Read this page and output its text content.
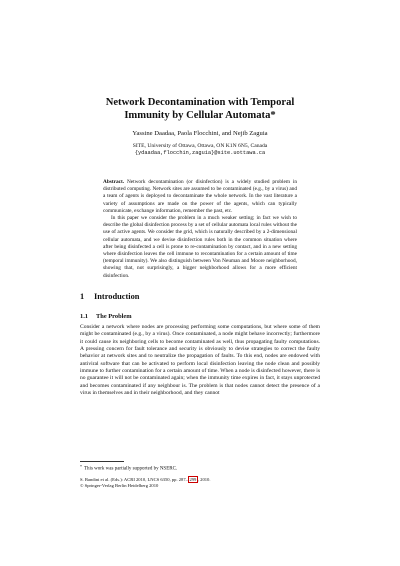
Network Decontamination with Temporal
Immunity by Cellular Automata*
Yassine Daadaa, Paola Flocchini, and Nejib Zaguia
SITE, University of Ottawa, Ottawa, ON K1N 6N5, Canada
{ydaadaa,flocchin,zaguia}@site.uottawa.ca

Abstract. Network decontamination (or disinfection) is a widely studied problem in distributed computing. Network sites are assumed to be contaminated (e.g., by a virus) and a team of agents is deployed to decontaminate the whole network. In the vast literature a variety of assumptions are made on the power of the agents, which can typically communicate, exchange information, remember the past, etc.

In this paper we consider the problem in a much weaker setting; in fact we wish to describe the global disinfection process by a set of cellular automata local rules without the use of active agents. We consider the grid, which is naturally described by a 2-dimensional cellular automata, and we devise disinfection rules both in the common situation where after being disinfected a cell is prone to re-contamination by contact, and in a new setting where disinfection leaves the cell immune to recontamination for a certain amount of time (temporal immunity). We also distinguish between Von Neuman and Moore neighborhood, showing that, not surprisingly, a bigger neighborhood allows for a more efficient disinfection.

1 Introduction
1.1 The Problem

Consider a network where nodes are processing performing some computations, but where some of them might be contaminated (e.g., by a virus). Once contaminated, a node might behave incorrectly; furthermore it could cause its neighboring cells to become contaminated as well, thus propagating faulty computations. A pressing concern for fault tolerance and security is obviously to devise strategies to correct the faulty behavior at network sites and to neutralize the propagation of faults. To this end, nodes are endowed with antiviral software that can be activated to perform local disinfection leaving the node clean and possibly immune to further contamination for a certain amount of time. When a node is disinfected however, there is no guarantee it will not be contaminated again; when the immunity time expires in fact, it stays unprotected and becomes contaminated if any neighbour is. The problem is that nodes cannot detect the presence of a virus in themselves and in their neighborhood, and they cannot

*This work was partially supported by NSERC.
S. Bandini et al. (Eds.): ACRI 2010, LNCS 6350, pp. 287– 299 , 2010.
© Springer-Verlag Berlin Heidelberg 2010
